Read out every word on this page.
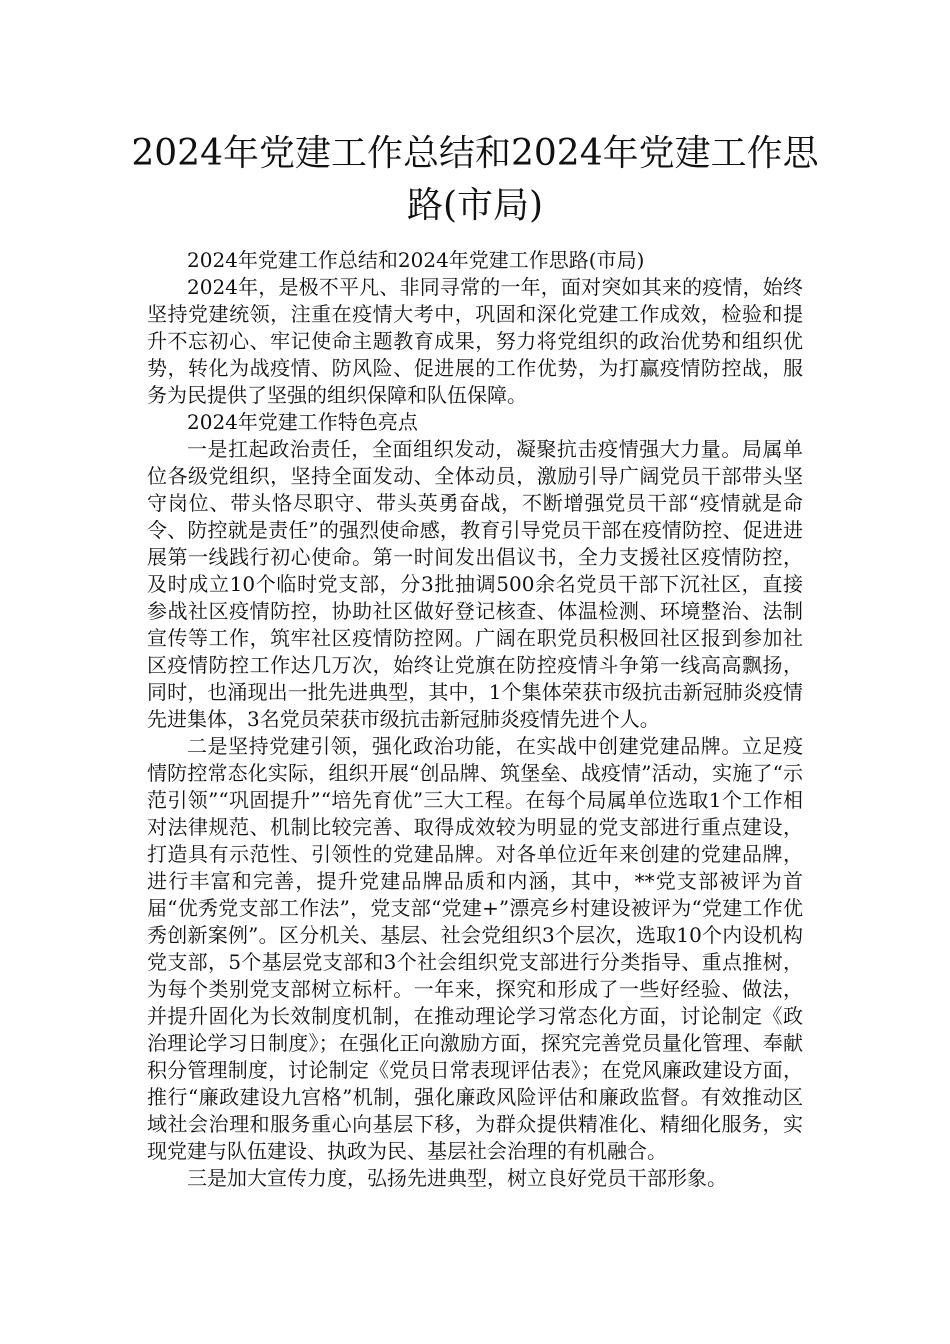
2024年党建工作总结和2024年党建工作思路(市局)

2024年党建工作总结和2024年党建工作思路(市局)

2024年，是极不平凡、非同寻常的一年，面对突如其来的疫情，始终坚持党建统领，注重在疫情大考中，巩固和深化党建工作成效，检验和提升不忘初心、牢记使命主题教育成果，努力将党组织的政治优势和组织优势，转化为战疫情、防风险、促进展的工作优势，为打赢疫情防控战，服务为民提供了坚强的组织保障和队伍保障。

2024年党建工作特色亮点

一是扛起政治责任，全面组织发动，凝聚抗击疫情强大力量。局属单位各级党组织，坚持全面发动、全体动员，激励引导广阔党员干部带头坚守岗位、带头恪尽职守、带头英勇奋战，不断增强党员干部“疫情就是命令、防控就是责任”的强烈使命感，教育引导党员干部在疫情防控、促进进展第一线践行初心使命。第一时间发出倡议书，全力支援社区疫情防控，及时成立10个临时党支部，分3批抽调500余名党员干部下沉社区，直接参战社区疫情防控，协助社区做好登记核查、体温检测、环境整治、法制宣传等工作，筑牢社区疫情防控网。广阔在职党员积极回社区报到参加社区疫情防控工作达几万次，始终让党旗在防控疫情斗争第一线高高飘扬，同时，也涌现出一批先进典型，其中，1个集体荣获市级抗击新冠肺炎疫情先进集体，3名党员荣获市级抗击新冠肺炎疫情先进个人。

二是坚持党建引领，强化政治功能，在实战中创建党建品牌。立足疫情防控常态化实际，组织开展“创品牌、筑堡垒、战疫情”活动，实施了“示范引领”“巩固提升”“培先育优”三大工程。在每个局属单位选取1个工作相对法律规范、机制比较完善、取得成效较为明显的党支部进行重点建设，打造具有示范性、引领性的党建品牌。对各单位近年来创建的党建品牌，进行丰富和完善，提升党建品牌品质和内涵，其中，**党支部被评为首届“优秀党支部工作法”，党支部“党建+”漂亮乡村建设被评为“党建工作优秀创新案例”。区分机关、基层、社会党组织3个层次，选取10个内设机构党支部，5个基层党支部和3个社会组织党支部进行分类指导、重点推树，为每个类别党支部树立标杆。一年来，探究和形成了一些好经验、做法，并提升固化为长效制度机制，在推动理论学习常态化方面，讨论制定《政治理论学习日制度》；在强化正向激励方面，探究完善党员量化管理、奉献积分管理制度，讨论制定《党员日常表现评估表》；在党风廉政建设方面，推行“廉政建设九宫格”机制，强化廉政风险评估和廉政监督。有效推动区域社会治理和服务重心向基层下移，为群众提供精准化、精细化服务，实现党建与队伍建设、执政为民、基层社会治理的有机融合。

三是加大宣传力度，弘扬先进典型，树立良好党员干部形象。
